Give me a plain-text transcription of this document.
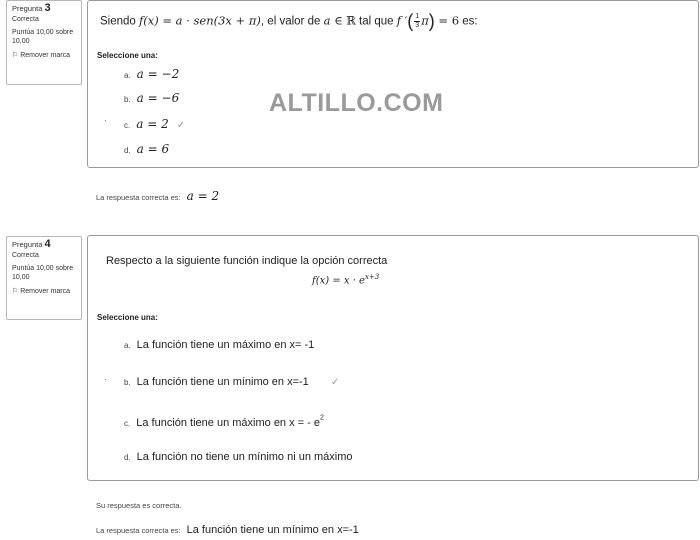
Pregunta 3
Correcta
Puntúa 10,00 sobre 10,00
⚐ Remover marca
Siendo f(x) = a · sen(3x + π), el valor de a ∈ ℝ tal que f ′( $\frac{1}{3} \pi) = 6$ es:
Seleccione una:
a. a = −2
b. a = −6
·
c. a = 2 ✓
d. a = 6
ALTILLO.COM
La respuesta correcta es: a = 2
Pregunta 4
Correcta
Puntúa 10,00 sobre 10,00
⚐ Remover marca
Respecto a la siguiente función indique la opción correcta
$f(x) = x \cdot e^{x+3}$
Seleccione una:
a. La función tiene un máximo en x= -1
· b. La función tiene un mínimo en x=-1 ✓
c. La función tiene un máximo en x = - $e^2$
d. La función no tiene un mínimo ni un máximo
Su respuesta es correcta.
La respuesta correcta es: La función tiene un mínimo en x=-1
